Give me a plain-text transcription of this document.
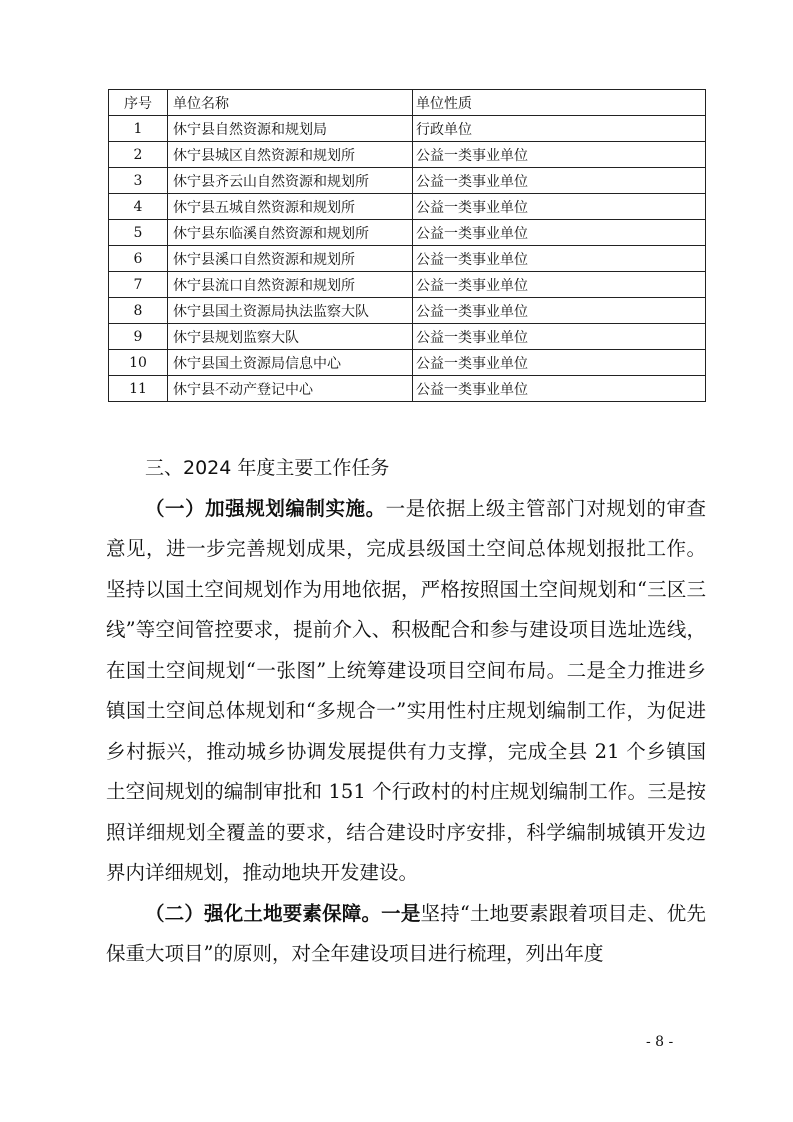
序号	单位名称	单位性质
1	休宁县自然资源和规划局	行政单位
2	休宁县城区自然资源和规划所	公益一类事业单位
3	休宁县齐云山自然资源和规划所	公益一类事业单位
4	休宁县五城自然资源和规划所	公益一类事业单位
5	休宁县东临溪自然资源和规划所	公益一类事业单位
6	休宁县溪口自然资源和规划所	公益一类事业单位
7	休宁县流口自然资源和规划所	公益一类事业单位
8	休宁县国土资源局执法监察大队	公益一类事业单位
9	休宁县规划监察大队	公益一类事业单位
10	休宁县国土资源局信息中心	公益一类事业单位
11	休宁县不动产登记中心	公益一类事业单位

三、2024 年度主要工作任务

（一）加强规划编制实施。一是依据上级主管部门对规划的审查意见，进一步完善规划成果，完成县级国土空间总体规划报批工作。坚持以国土空间规划作为用地依据，严格按照国土空间规划和“三区三线”等空间管控要求，提前介入、积极配合和参与建设项目选址选线，在国土空间规划“一张图”上统筹建设项目空间布局。二是全力推进乡镇国土空间总体规划和“多规合一”实用性村庄规划编制工作，为促进乡村振兴，推动城乡协调发展提供有力支撑，完成全县 21 个乡镇国土空间规划的编制审批和 151 个行政村的村庄规划编制工作。三是按照详细规划全覆盖的要求，结合建设时序安排，科学编制城镇开发边界内详细规划，推动地块开发建设。

（二）强化土地要素保障。一是坚持“土地要素跟着项目走、优先保重大项目”的原则，对全年建设项目进行梳理，列出年度

- 8 -
